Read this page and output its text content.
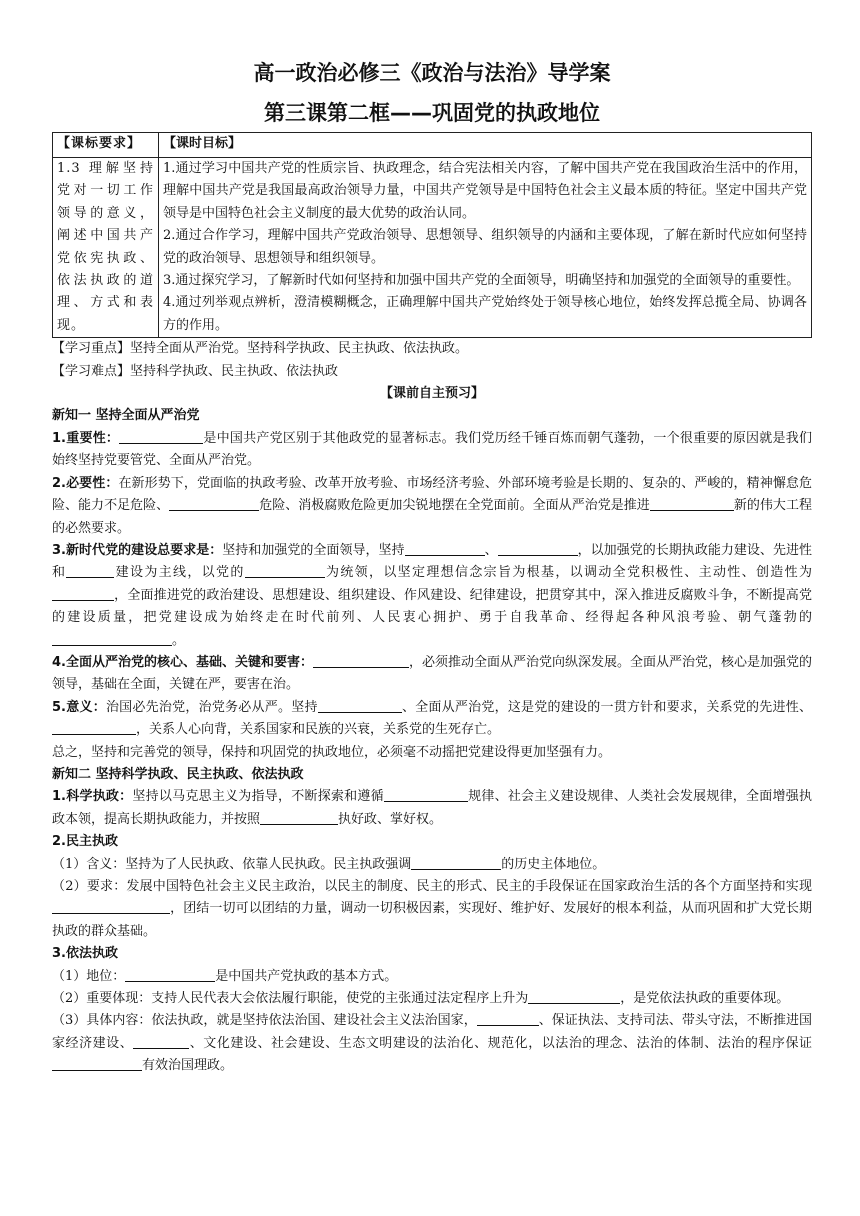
高一政治必修三《政治与法治》导学案
第三课第二框——巩固党的执政地位
【课标要求】	【课时目标】
1.3 理解坚持党对一切工作领导的意义，阐述中国共产党依宪执政、依法执政的道理、方式和表现。	1.通过学习中国共产党的性质宗旨、执政理念，结合宪法相关内容，了解中国共产党在我国政治生活中的作用，理解中国共产党是我国最高政治领导力量，中国共产党领导是中国特色社会主义最本质的特征。坚定中国共产党领导是中国特色社会主义制度的最大优势的政治认同。

2.通过合作学习，理解中国共产党政治领导、思想领导、组织领导的内涵和主要体现，了解在新时代应如何坚持党的政治领导、思想领导和组织领导。

3.通过探究学习，了解新时代如何坚持和加强中国共产党的全面领导，明确坚持和加强党的全面领导的重要性。

4.通过列举观点辨析，澄清模糊概念，正确理解中国共产党始终处于领导核心地位，始终发挥总揽全局、协调各方的作用。

【学习重点】坚持全面从严治党。坚持科学执政、民主执政、依法执政。

【学习难点】坚持科学执政、民主执政、依法执政

【课前自主预习】

新知一 坚持全面从严治党

1.重要性：	是中国共产党区别于其他政党的显著标志。我们党历经千锤百炼而朝气蓬勃，一个很重要的原因就是我们始终坚持党要管党、全面从严治党。

2.必要性：在新形势下，党面临的执政考验、改革开放考验、市场经济考验、外部环境考验是长期的、复杂的、严峻的，精神懈怠危险、能力不足危险、	危险、消极腐败危险更加尖锐地摆在全党面前。全面从严治党是推进	新的伟大工程的必然要求。

3.新时代党的建设总要求是：坚持和加强党的全面领导，坚持	、	，以加强党的长期执政能力建设、先进性和	建设为主线，以党的	为统领，以坚定理想信念宗旨为根基，以调动全党积极性、主动性、创造性为，全面推进党的政治建设、思想建设、组织建设、作风建设、纪律建设，把贯穿其中，深入推进反腐败斗争，不断提高党的建设质量，把党建设成为始终走在时代前列、人民衷心拥护、勇于自我革命、经得起各种风浪考验、朝气蓬勃的。

4.全面从严治党的核心、基础、关键和要害：	，必须推动全面从严治党向纵深发展。全面从严治党，核心是加强党的领导，基础在全面，关键在严，要害在治。

5.意义：治国必先治党，治党务必从严。坚持	、全面从严治党，这是党的建设的一贯方针和要求，关系党的先进性、，关系人心向背，关系国家和民族的兴衰，关系党的生死存亡。

总之，坚持和完善党的领导，保持和巩固党的执政地位，必须毫不动摇把党建设得更加坚强有力。

新知二 坚持科学执政、民主执政、依法执政

1.科学执政：坚持以马克思主义为指导，不断探索和遵循	规律、社会主义建设规律、人类社会发展规律，全面增强执政本领，提高长期执政能力，并按照	执好政、掌好权。

2.民主执政

（1）含义：坚持为了人民执政、依靠人民执政。民主执政强调	的历史主体地位。

（2）要求：发展中国特色社会主义民主政治，以民主的制度、民主的形式、民主的手段保证在国家政治生活的各个方面坚持和实现，团结一切可以团结的力量，调动一切积极因素，实现好、维护好、发展好的根本利益，从而巩固和扩大党长期执政的群众基础。

3.依法执政

（1）地位：	是中国共产党执政的基本方式。

（2）重要体现：支持人民代表大会依法履行职能，使党的主张通过法定程序上升为	，是党依法执政的重要体现。

（3）具体内容：依法执政，就是坚持依法治国、建设社会主义法治国家，	、保证执法、支持司法、带头守法，不断推进国家经济建设、	、文化建设、社会建设、生态文明建设的法治化、规范化，以法治的理念、法治的体制、法治的程序保证有效治国理政。
